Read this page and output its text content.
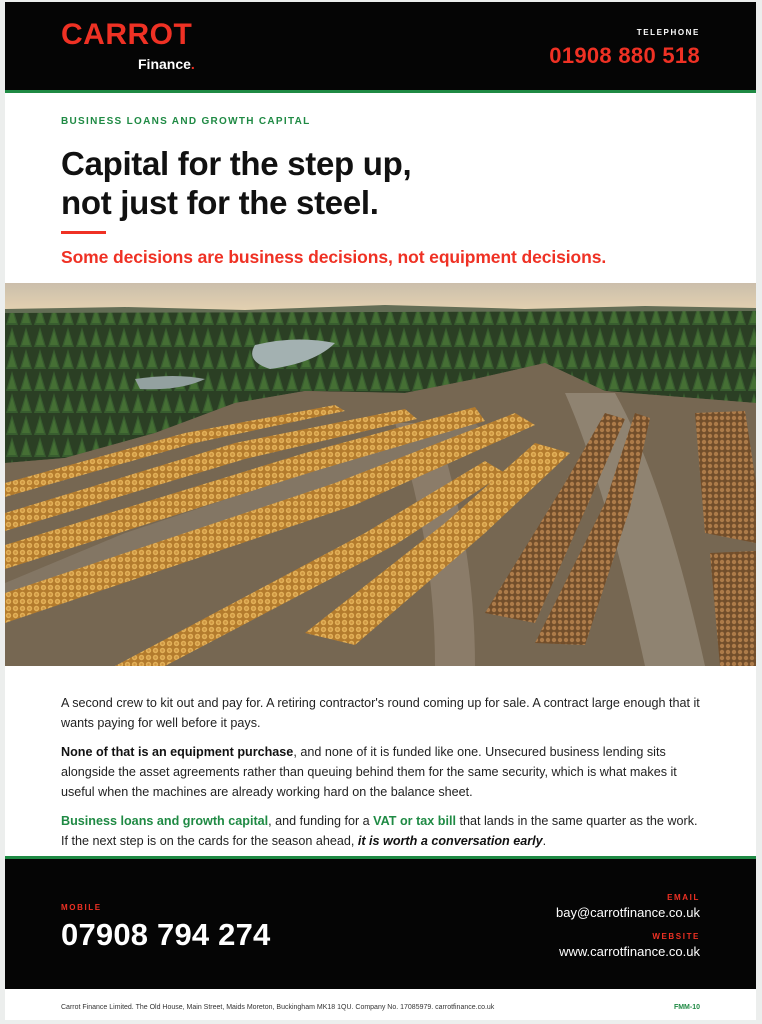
CARROT
Finance.
TELEPHONE
01908 880 518
BUSINESS LOANS AND GROWTH CAPITAL
Capital for the step up,
not just for the steel.
Some decisions are business decisions, not equipment decisions.

A second crew to kit out and pay for. A retiring contractor's round coming up for sale. A contract large enough that it wants paying for well before it pays.

None of that is an equipment purchase, and none of it is funded like one. Unsecured business lending sits alongside the asset agreements rather than queuing behind them for the same security, which is what makes it useful when the machines are already working hard on the balance sheet.

Business loans and growth capital, and funding for a VAT or tax bill that lands in the same quarter as the work. If the next step is on the cards for the season ahead, it is worth a conversation early.

MOBILE
07908 794 274
EMAIL
bay@carrotfinance.co.uk
WEBSITE
www.carrotfinance.co.uk
Carrot Finance Limited. The Old House, Main Street, Maids Moreton, Buckingham MK18 1QU. Company No. 17085979. carrotfinance.co.uk	FMM-10
